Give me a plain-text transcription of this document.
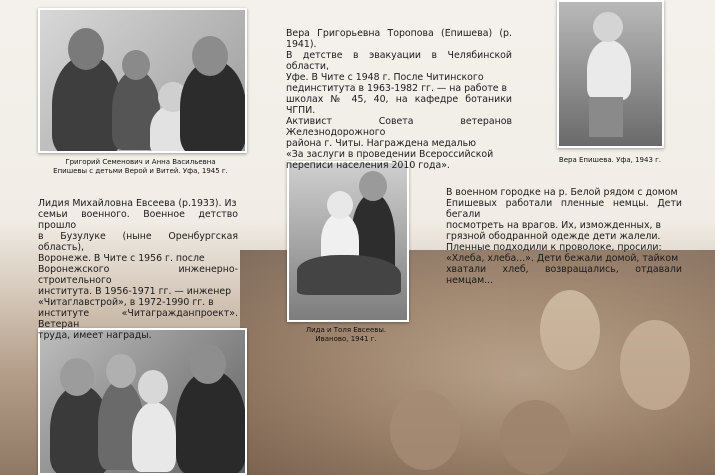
Григорий Семенович и Анна Васильевна
Епишевы с детьми Верой и Витей. Уфа, 1945 г.
Вера Епишева. Уфа, 1943 г.
Лида и Толя Евсеевы.
Иваново, 1941 г.
Вера Григорьевна Торопова (Епишева) (р. 1941).
В детстве в эвакуации в Челябинской области,
Уфе. В Чите с 1948 г. После Читинского
пединститута в 1963-1982 гг. — на работе в
школах № 45, 40, на кафедре ботаники ЧГПИ.
Активист Совета ветеранов Железнодорожного
района г. Читы. Награждена медалью
«За заслуги в проведении Всероссийской
переписи населения 2010 года».
Лидия Михайловна Евсеева (р.1933). Из
семьи военного. Военное детство прошло
в Бузулуке (ныне Оренбургская область),
Воронеже. В Чите с 1956 г. после
Воронежского инженерно-строительного
института. В 1956-1971 гг. — инженер
«Читаглавстрой», в 1972-1990 гг. в
институте «Читагражданпроект». Ветеран
труда, имеет награды.
В военном городке на р. Белой рядом с домом
Епишевых работали пленные немцы. Дети бегали
посмотреть на врагов. Их, изможденных, в
грязной ободранной одежде дети жалели.
Пленные подходили к проволоке, просили:
«Хлеба, хлеба...». Дети бежали домой, тайком
хватали хлеб, возвращались, отдавали немцам...
